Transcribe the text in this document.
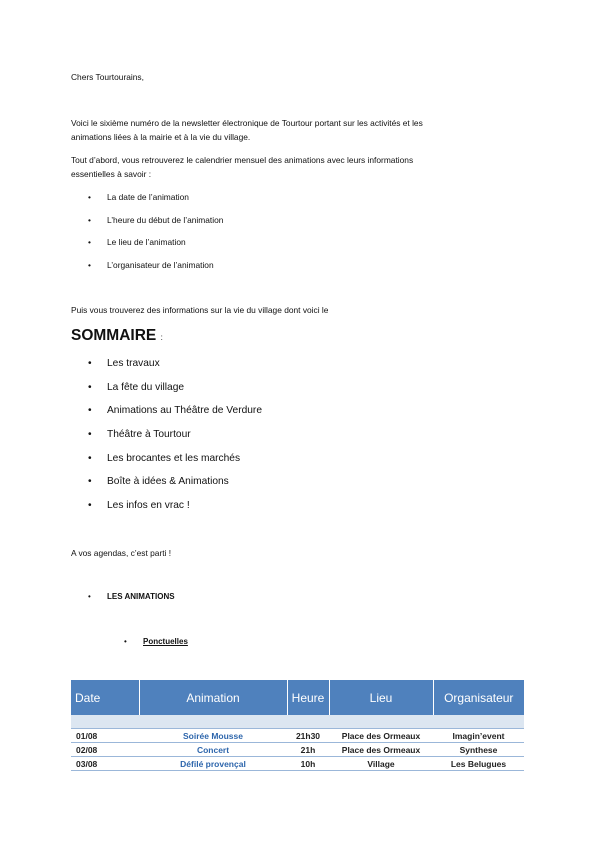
Chers Tourtourains,
Voici le sixième numéro de la newsletter électronique de Tourtour portant sur les activités et les
animations liées à la mairie et à la vie du village.
Tout d’abord, vous retrouverez le calendrier mensuel des animations avec leurs informations
essentielles à savoir :
• La date de l’animation
• L’heure du début de l’animation
• Le lieu de l’animation
• L’organisateur de l’animation
Puis vous trouverez des informations sur la vie du village dont voici le
SOMMAIRE :
• Les travaux
• La fête du village
• Animations au Théâtre de Verdure
• Théâtre à Tourtour
• Les brocantes et les marchés
• Boîte à idées & Animations
• Les infos en vrac !
A vos agendas, c’est parti !
• LES ANIMATIONS
• Ponctuelles
Date	Animation	Heure	Lieu	Organisateur

01/08	Soirée Mousse	21h30	Place des Ormeaux	Imagin’event
02/08	Concert	21h	Place des Ormeaux	Synthese
03/08	Défilé provençal	10h	Village	Les Belugues
